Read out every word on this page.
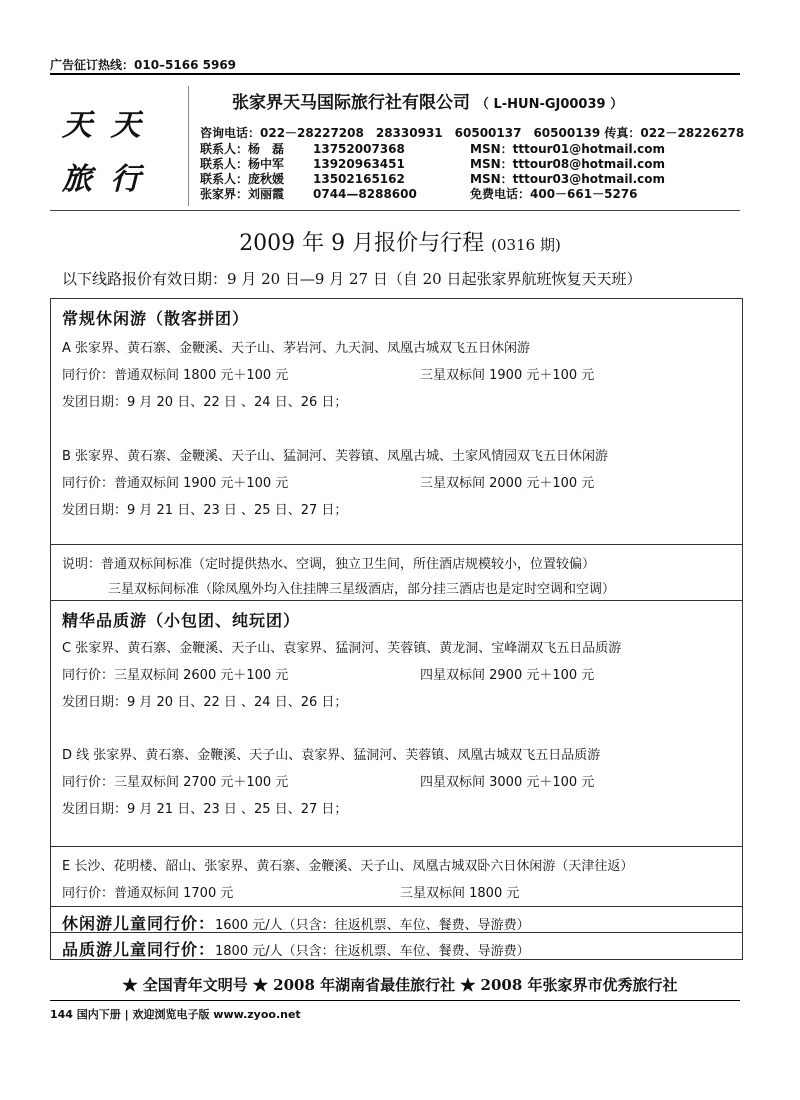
广告征订热线：010–5166 5969
天 天
旅 行
张家界天马国际旅行社有限公司 （ L-HUN-GJ00039 ）
咨询电话：022－28227208　28330931　60500137　60500139 传真：022－28226278
联系人：杨　磊 13752007368	MSN：tttour01@hotmail.com
联系人：杨中军 13920963451	MSN：tttour08@hotmail.com
联系人：庞秋媛 13502165162	MSN：tttour03@hotmail.com
张家界：刘丽霞 0744—8288600	免费电话：400－661－5276
2009 年 9 月报价与行程 (0316 期)
以下线路报价有效日期：9 月 20 日—9 月 27 日（自 20 日起张家界航班恢复天天班）
常规休闲游（散客拼团）
A 张家界、黄石寨、金鞭溪、天子山、茅岩河、九天洞、凤凰古城双飞五日休闲游
同行价：普通双标间 1800 元＋100 元	三星双标间 1900 元＋100 元
发团日期：9 月 20 日、22 日 、24 日、26 日；
B 张家界、黄石寨、金鞭溪、天子山、猛洞河、芙蓉镇、凤凰古城、土家风情园双飞五日休闲游
同行价：普通双标间 1900 元＋100 元	三星双标间 2000 元＋100 元
发团日期：9 月 21 日、23 日 、25 日、27 日；
说明：普通双标间标准（定时提供热水、空调，独立卫生间，所住酒店规模较小，位置较偏）
三星双标间标准（除凤凰外均入住挂牌三星级酒店，部分挂三酒店也是定时空调和空调）
精华品质游（小包团、纯玩团）
C 张家界、黄石寨、金鞭溪、天子山、袁家界、猛洞河、芙蓉镇、黄龙洞、宝峰湖双飞五日品质游
同行价：三星双标间 2600 元＋100 元	四星双标间 2900 元＋100 元
发团日期：9 月 20 日、22 日 、24 日、26 日；
D 线 张家界、黄石寨、金鞭溪、天子山、袁家界、猛洞河、芙蓉镇、凤凰古城双飞五日品质游
同行价：三星双标间 2700 元＋100 元	四星双标间 3000 元＋100 元
发团日期：9 月 21 日、23 日 、25 日、27 日；
E 长沙、花明楼、韶山、张家界、黄石寨、金鞭溪、天子山、凤凰古城双卧六日休闲游（天津往返）
同行价：普通双标间 1700 元	三星双标间 1800 元
休闲游儿童同行价：1600 元/人（只含：往返机票、车位、餐费、导游费）
品质游儿童同行价：1800 元/人（只含：往返机票、车位、餐费、导游费）
★ 全国青年文明号 ★ 2008 年湖南省最佳旅行社 ★ 2008 年张家界市优秀旅行社
144 国内下册 | 欢迎浏览电子版 www.zyoo.net
